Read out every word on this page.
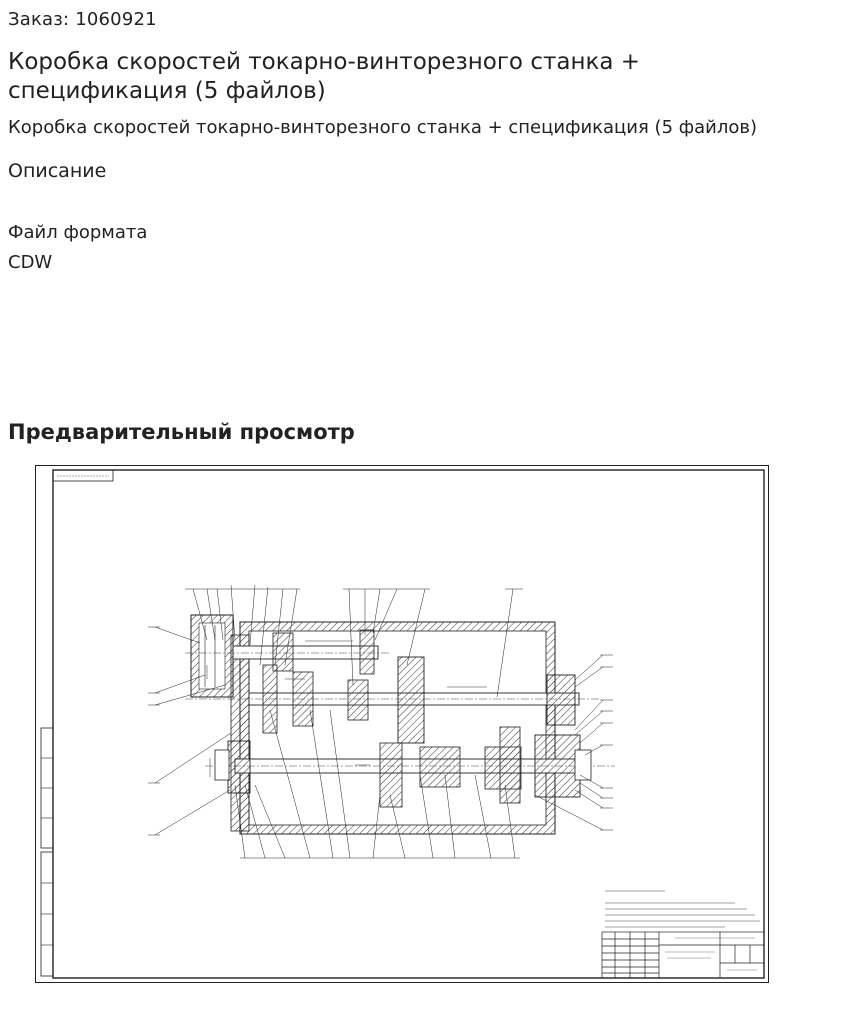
Заказ: 1060921
Коробка скоростей токарно-винторезного станка + спецификация (5 файлов)
Коробка скоростей токарно-винторезного станка + спецификация (5 файлов)
Описание
Файл формата
CDW
Предварительный просмотр
